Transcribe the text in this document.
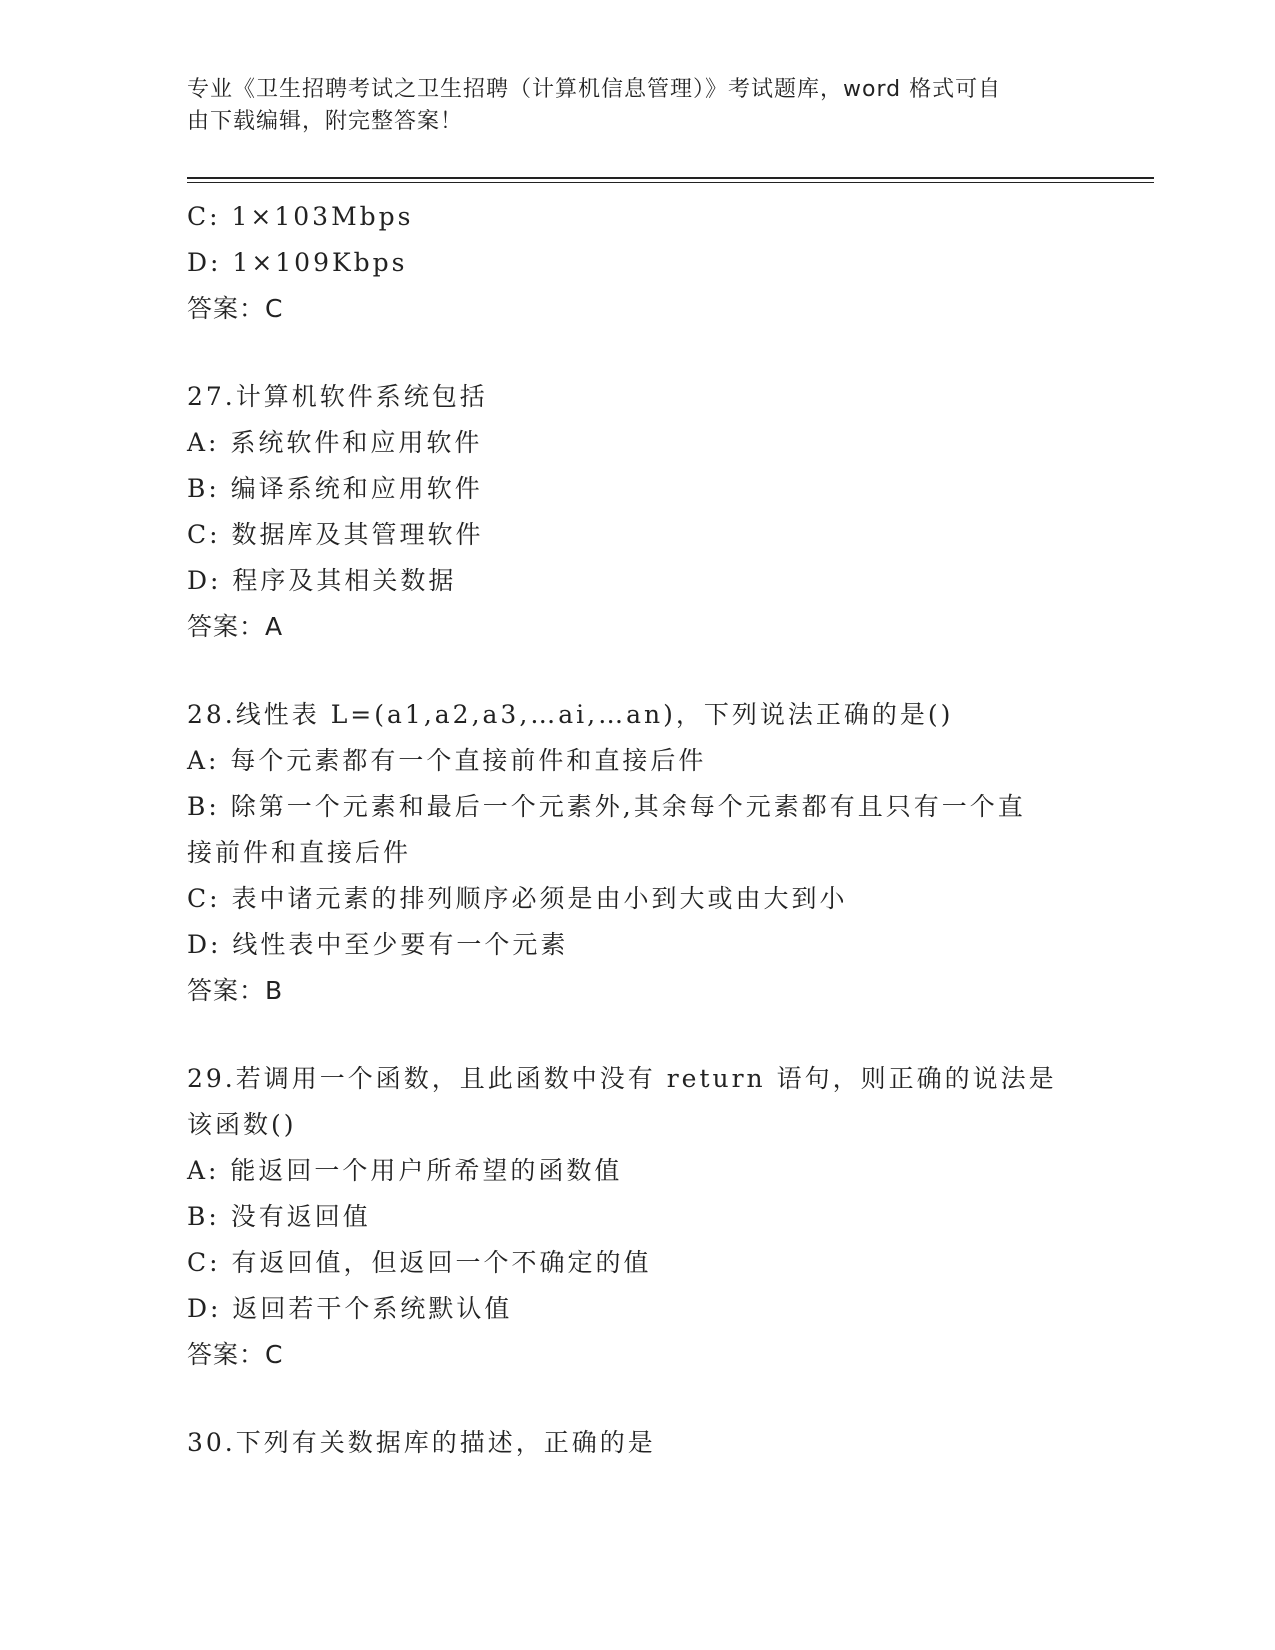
专业《卫生招聘考试之卫生招聘（计算机信息管理）》考试题库，word 格式可自
由下载编辑，附完整答案！
C: 1×103Mbps
D: 1×109Kbps
答案：C
27.计算机软件系统包括
A: 系统软件和应用软件
B: 编译系统和应用软件
C: 数据库及其管理软件
D: 程序及其相关数据
答案：A
28.线性表 L=(a1,a2,a3,…ai,…an)，下列说法正确的是()
A: 每个元素都有一个直接前件和直接后件
B: 除第一个元素和最后一个元素外,其余每个元素都有且只有一个直
接前件和直接后件
C: 表中诸元素的排列顺序必须是由小到大或由大到小
D: 线性表中至少要有一个元素
答案：B
29.若调用一个函数，且此函数中没有 return 语句，则正确的说法是
该函数()
A: 能返回一个用户所希望的函数值
B: 没有返回值
C: 有返回值，但返回一个不确定的值
D: 返回若干个系统默认值
答案：C
30.下列有关数据库的描述，正确的是
